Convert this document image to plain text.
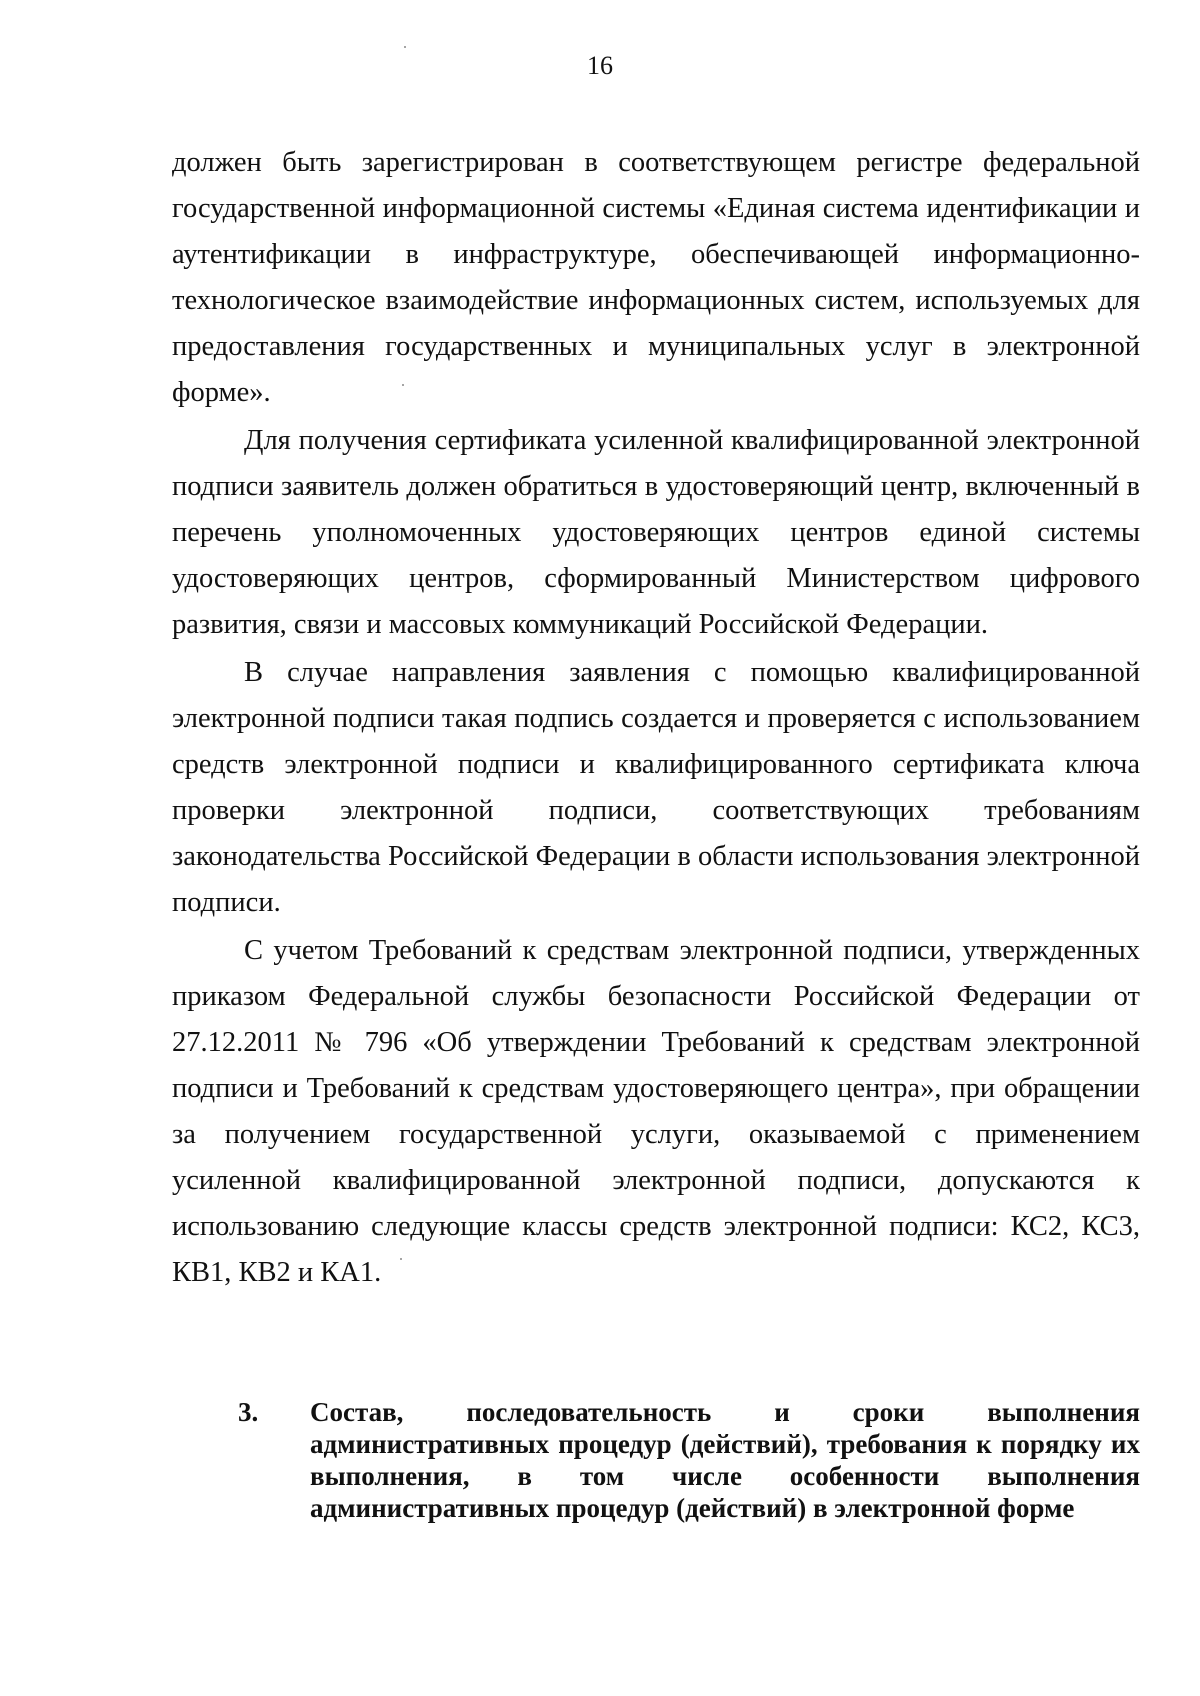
16

должен быть зарегистрирован в соответствующем регистре федеральной государственной информационной системы «Единая система идентификации и аутентификации в инфраструктуре, обеспечивающей информационно-технологическое взаимодействие информационных систем, используемых для предоставления государственных и муниципальных услуг в электронной форме».

Для получения сертификата усиленной квалифицированной электронной подписи заявитель должен обратиться в удостоверяющий центр, включенный в перечень уполномоченных удостоверяющих центров единой системы удостоверяющих центров, сформированный Министерством цифрового развития, связи и массовых коммуникаций Российской Федерации.

В случае направления заявления с помощью квалифицированной электронной подписи такая подпись создается и проверяется с использованием средств электронной подписи и квалифицированного сертификата ключа проверки электронной подписи, соответствующих требованиям законодательства Российской Федерации в области использования электронной подписи.

С учетом Требований к средствам электронной подписи, утвержденных приказом Федеральной службы безопасности Российской Федерации от 27.12.2011 № 796 «Об утверждении Требований к средствам электронной подписи и Требований к средствам удостоверяющего центра», при обращении за получением государственной услуги, оказываемой с применением усиленной квалифицированной электронной подписи, допускаются к использованию следующие классы средств электронной подписи: КС2, КС3, КВ1, КВ2 и КА1.

3.	Состав, последовательность и сроки выполнения административных процедур (действий), требования к порядку их выполнения, в том числе особенности выполнения административных процедур (действий) в электронной форме
